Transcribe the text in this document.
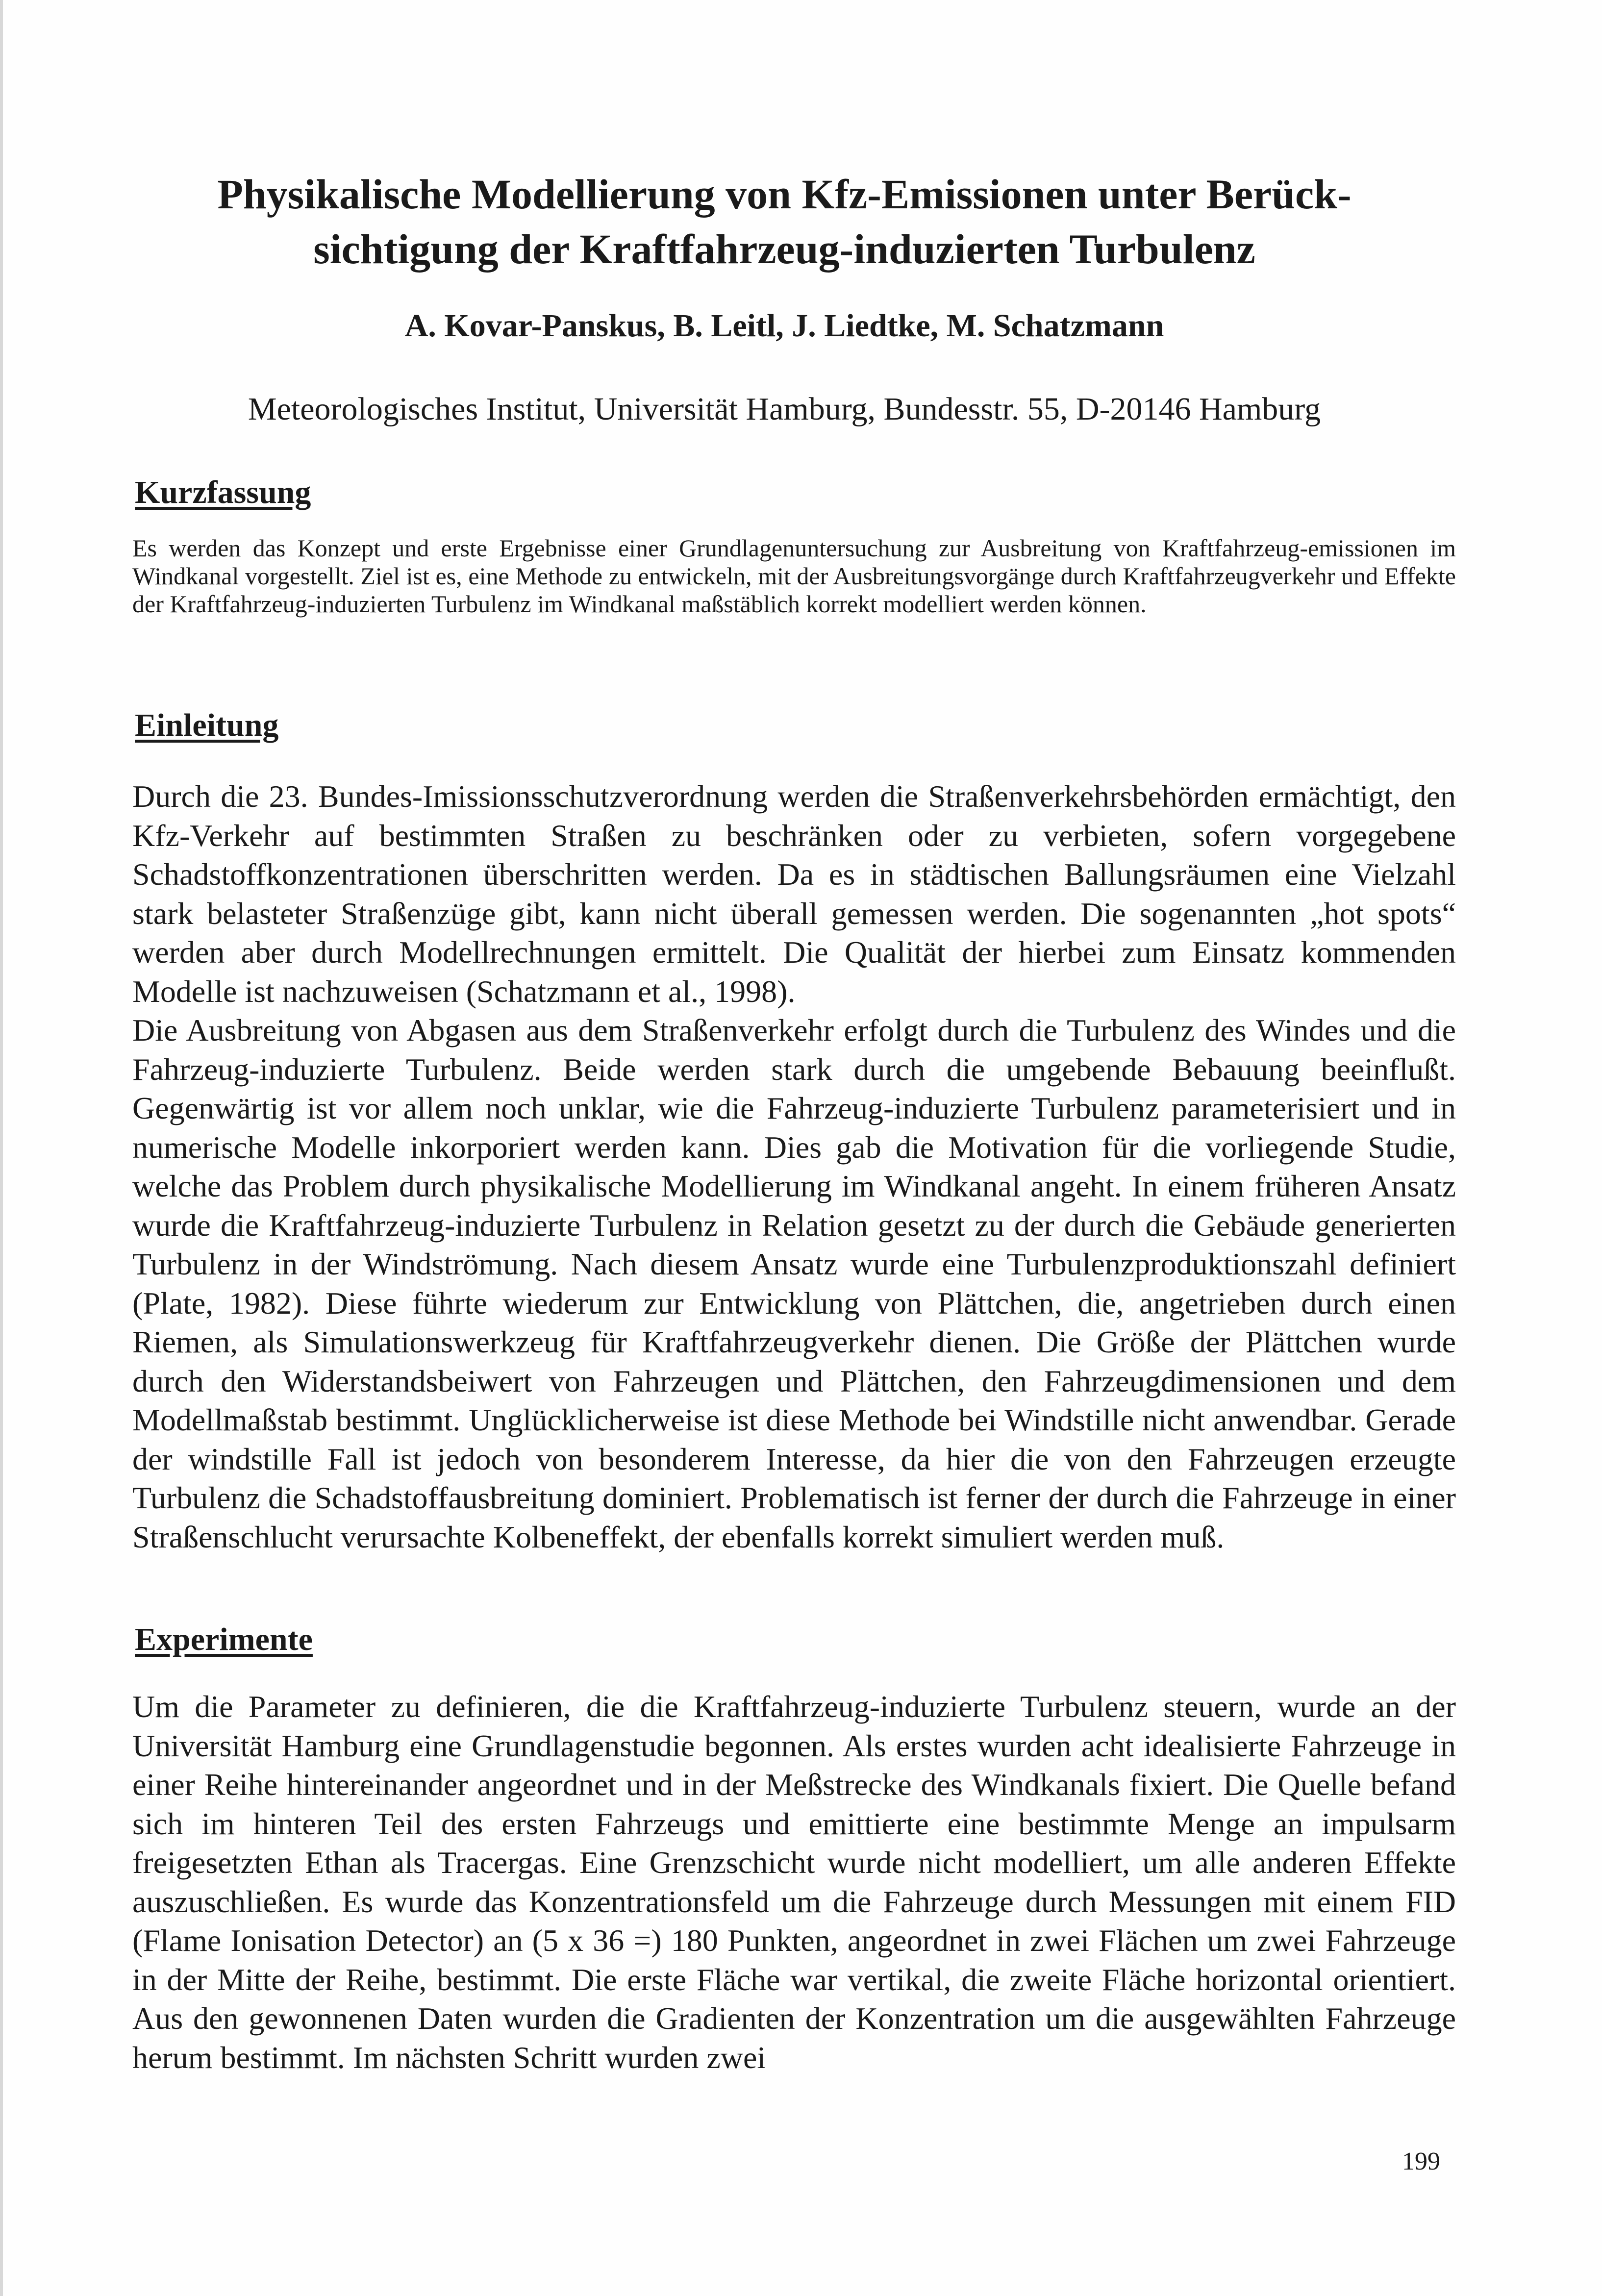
Physikalische Modellierung von Kfz-Emissionen unter Berück-sichtigung der Kraftfahrzeug-induzierten Turbulenz

A. Kovar-Panskus, B. Leitl, J. Liedtke, M. Schatzmann

Meteorologisches Institut, Universität Hamburg, Bundesstr. 55, D-20146 Hamburg

Kurzfassung

Es werden das Konzept und erste Ergebnisse einer Grundlagenuntersuchung zur Ausbreitung von Kraftfahrzeug-emissionen im Windkanal vorgestellt. Ziel ist es, eine Methode zu entwickeln, mit der Ausbreitungsvorgänge durch Kraftfahrzeugverkehr und Effekte der Kraftfahrzeug-induzierten Turbulenz im Windkanal maßstäblich korrekt modelliert werden können.

Einleitung

Durch die 23. Bundes-Imissionsschutzverordnung werden die Straßenverkehrsbehörden ermächtigt, den Kfz-Verkehr auf bestimmten Straßen zu beschränken oder zu verbieten, sofern vorgegebene Schadstoffkonzentrationen überschritten werden. Da es in städtischen Ballungsräumen eine Vielzahl stark belasteter Straßenzüge gibt, kann nicht überall gemessen werden. Die sogenannten „hot spots“ werden aber durch Modellrechnungen ermittelt. Die Qualität der hierbei zum Einsatz kommenden Modelle ist nachzuweisen (Schatzmann et al., 1998).

Die Ausbreitung von Abgasen aus dem Straßenverkehr erfolgt durch die Turbulenz des Windes und die Fahrzeug-induzierte Turbulenz. Beide werden stark durch die umgebende Bebauung beeinflußt. Gegenwärtig ist vor allem noch unklar, wie die Fahrzeug-induzierte Turbulenz parameterisiert und in numerische Modelle inkorporiert werden kann. Dies gab die Motivation für die vorliegende Studie, welche das Problem durch physikalische Modellierung im Windkanal angeht. In einem früheren Ansatz wurde die Kraftfahrzeug-induzierte Turbulenz in Relation gesetzt zu der durch die Gebäude generierten Turbulenz in der Windströmung. Nach diesem Ansatz wurde eine Turbulenzproduktionszahl definiert (Plate, 1982). Diese führte wiederum zur Entwicklung von Plättchen, die, angetrieben durch einen Riemen, als Simulationswerkzeug für Kraftfahrzeugverkehr dienen. Die Größe der Plättchen wurde durch den Widerstandsbeiwert von Fahrzeugen und Plättchen, den Fahrzeugdimensionen und dem Modellmaßstab bestimmt. Unglücklicherweise ist diese Methode bei Windstille nicht anwendbar. Gerade der windstille Fall ist jedoch von besonderem Interesse, da hier die von den Fahrzeugen erzeugte Turbulenz die Schadstoffausbreitung dominiert. Problematisch ist ferner der durch die Fahrzeuge in einer Straßenschlucht verursachte Kolbeneffekt, der ebenfalls korrekt simuliert werden muß.

Experimente

Um die Parameter zu definieren, die die Kraftfahrzeug-induzierte Turbulenz steuern, wurde an der Universität Hamburg eine Grundlagenstudie begonnen. Als erstes wurden acht idealisierte Fahrzeuge in einer Reihe hintereinander angeordnet und in der Meßstrecke des Windkanals fixiert. Die Quelle befand sich im hinteren Teil des ersten Fahrzeugs und emittierte eine bestimmte Menge an impulsarm freigesetzten Ethan als Tracergas. Eine Grenzschicht wurde nicht modelliert, um alle anderen Effekte auszuschließen. Es wurde das Konzentrationsfeld um die Fahrzeuge durch Messungen mit einem FID (Flame Ionisation Detector) an (5 x 36 =) 180 Punkten, angeordnet in zwei Flächen um zwei Fahrzeuge in der Mitte der Reihe, bestimmt. Die erste Fläche war vertikal, die zweite Fläche horizontal orientiert. Aus den gewonnenen Daten wurden die Gradienten der Konzentration um die ausgewählten Fahrzeuge herum bestimmt. Im nächsten Schritt wurden zwei

199
